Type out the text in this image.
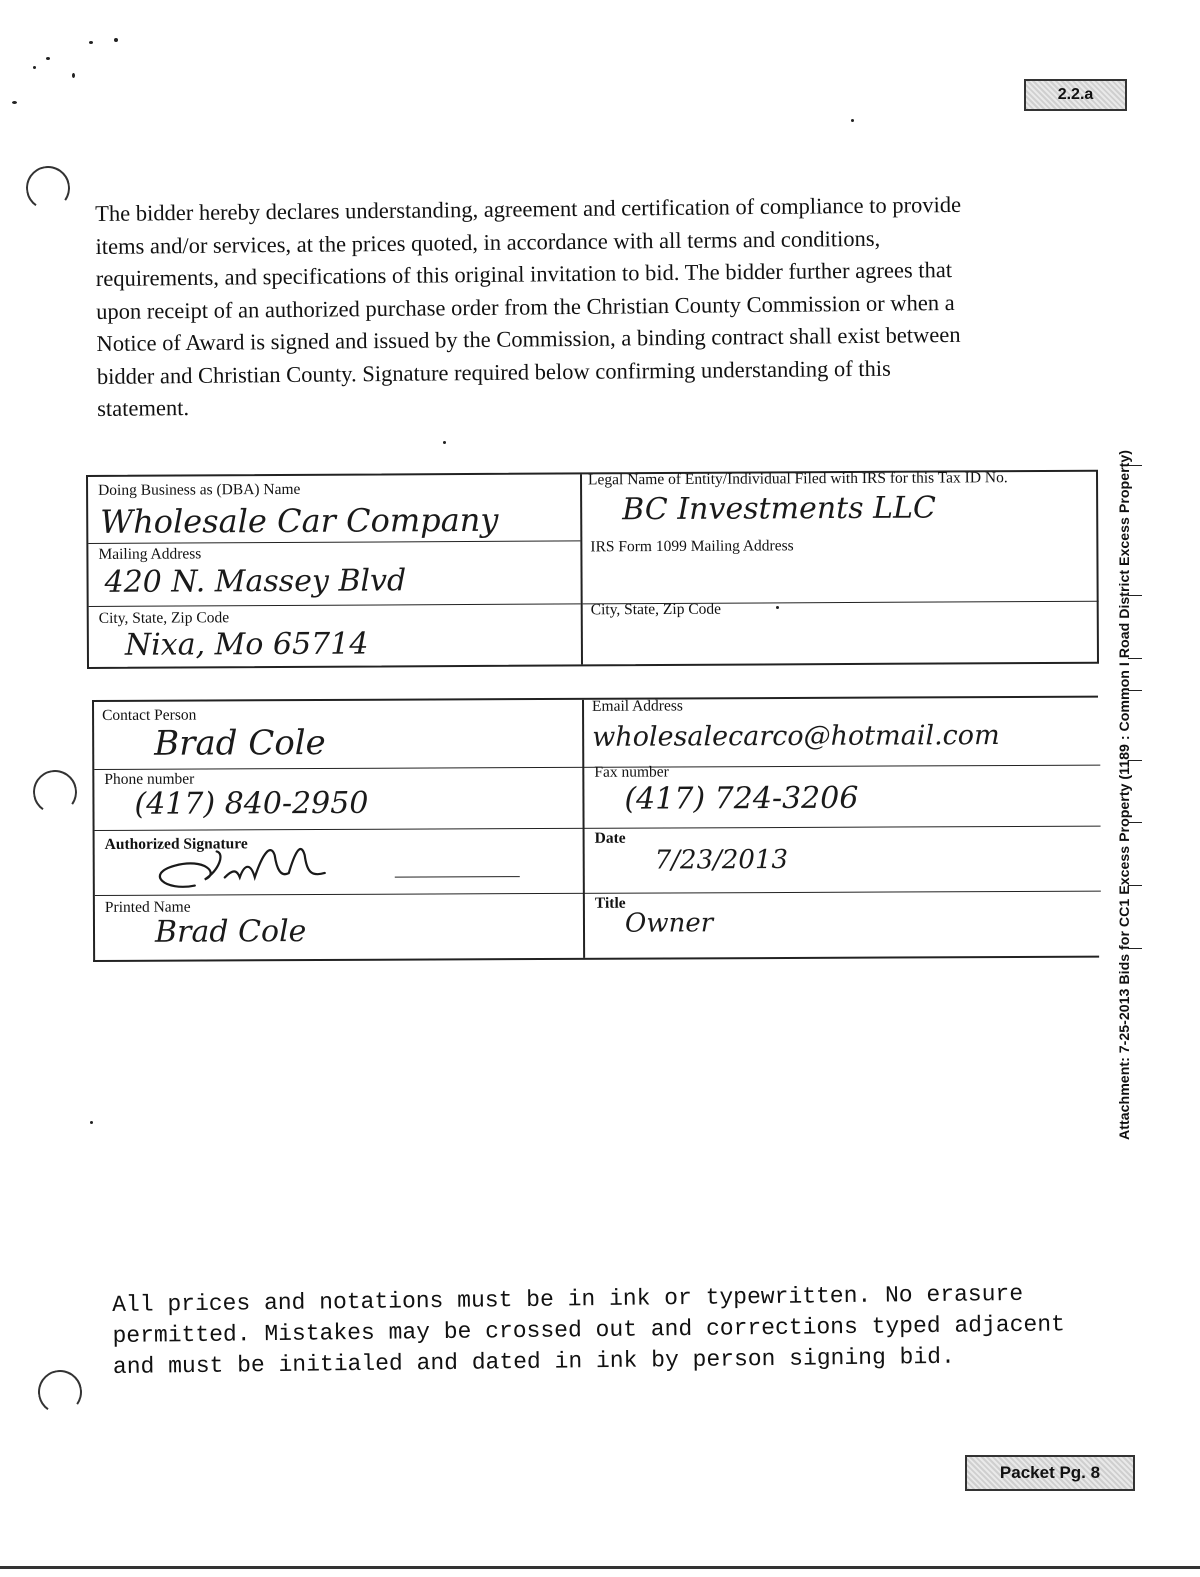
2.2.a
The bidder hereby declares understanding, agreement and certification of compliance to provide
items and/or services, at the prices quoted, in accordance with all terms and conditions,
requirements, and specifications of this original invitation to bid. The bidder further agrees that
upon receipt of an authorized purchase order from the Christian County Commission or when a
Notice of Award is signed and issued by the Commission, a binding contract shall exist between
bidder and Christian County. Signature required below confirming understanding of this
statement.
Doing Business as (DBA) Name
Wholesale Car Company
Legal Name of Entity/Individual Filed with IRS for this Tax ID No.
BC Investments LLC
Mailing Address
420 N. Massey Blvd
IRS Form 1099 Mailing Address
City, State, Zip Code
Nixa, Mo 65714
City, State, Zip Code
Contact Person
Brad Cole
Email Address
wholesalecarco@hotmail.com
Phone number
(417) 840-2950
Fax number
(417) 724-3206
Authorized Signature	Date
7/23/2013
Printed Name
Brad Cole
Title
Owner	Attachment: 7-25-2013 Bids for CC1 Excess Property (1189 : Common I Road District Excess Property)
All prices and notations must be in ink or typewritten. No erasure
permitted. Mistakes may be crossed out and corrections typed adjacent
and must be initialed and dated in ink by person signing bid.
Packet Pg. 8
